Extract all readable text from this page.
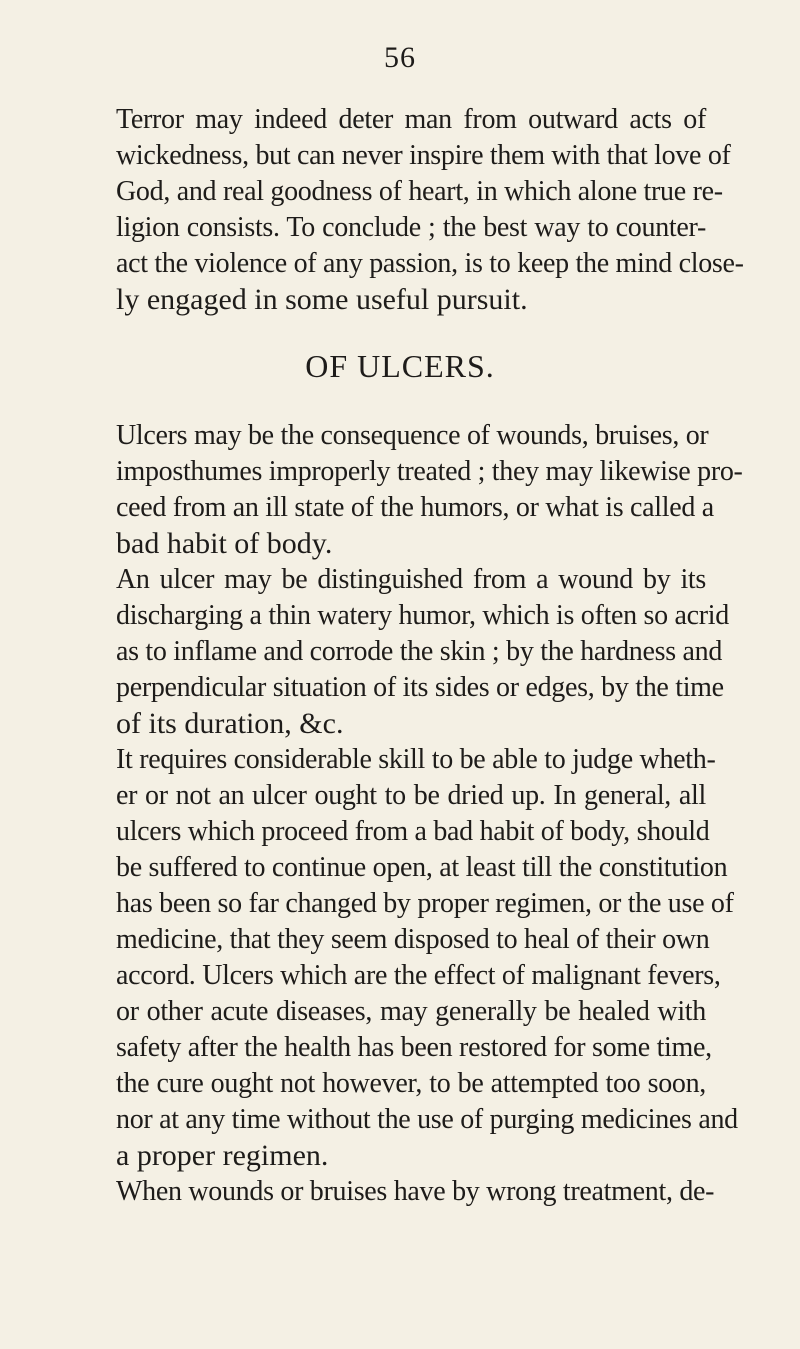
56
Terror may indeed deter man from outward acts of
wickedness, but can never inspire them with that love of
God, and real goodness of heart, in which alone true re-
ligion consists. To conclude ; the best way to counter-
act the violence of any passion, is to keep the mind close-
ly engaged in some useful pursuit.
OF ULCERS.
Ulcers may be the consequence of wounds, bruises, or
imposthumes improperly treated ; they may likewise pro-
ceed from an ill state of the humors, or what is called a
bad habit of body.
An ulcer may be distinguished from a wound by its
discharging a thin watery humor, which is often so acrid
as to inflame and corrode the skin ; by the hardness and
perpendicular situation of its sides or edges, by the time
of its duration, &c.
It requires considerable skill to be able to judge wheth-
er or not an ulcer ought to be dried up. In general, all
ulcers which proceed from a bad habit of body, should
be suffered to continue open, at least till the constitution
has been so far changed by proper regimen, or the use of
medicine, that they seem disposed to heal of their own
accord. Ulcers which are the effect of malignant fevers,
or other acute diseases, may generally be healed with
safety after the health has been restored for some time,
the cure ought not however, to be attempted too soon,
nor at any time without the use of purging medicines and
a proper regimen.
When wounds or bruises have by wrong treatment, de-
